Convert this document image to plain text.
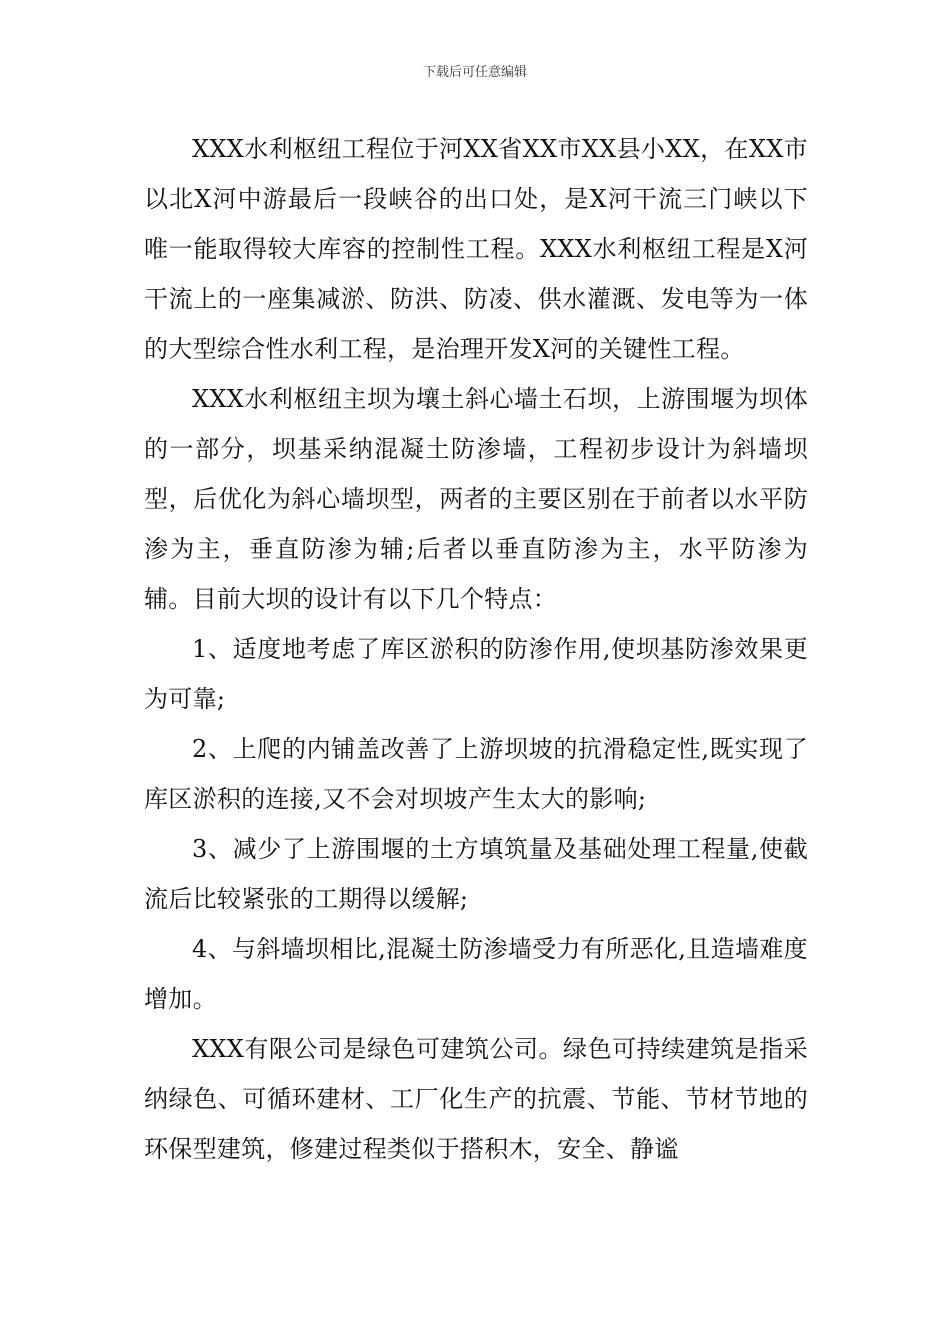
下载后可任意编辑

XXX水利枢纽工程位于河XX省XX市XX县小XX，在XX市以北X河中游最后一段峡谷的出口处，是X河干流三门峡以下唯一能取得较大库容的控制性工程。XXX水利枢纽工程是X河干流上的一座集减淤、防洪、防凌、供水灌溉、发电等为一体的大型综合性水利工程，是治理开发X河的关键性工程。

XXX水利枢纽主坝为壤土斜心墙土石坝，上游围堰为坝体的一部分，坝基采纳混凝土防渗墙，工程初步设计为斜墙坝型，后优化为斜心墙坝型，两者的主要区别在于前者以水平防渗为主，垂直防渗为辅;后者以垂直防渗为主，水平防渗为辅。目前大坝的设计有以下几个特点：

1、适度地考虑了库区淤积的防渗作用,使坝基防渗效果更为可靠;

2、上爬的内铺盖改善了上游坝坡的抗滑稳定性,既实现了库区淤积的连接,又不会对坝坡产生太大的影响;

3、减少了上游围堰的土方填筑量及基础处理工程量,使截流后比较紧张的工期得以缓解;

4、与斜墙坝相比,混凝土防渗墙受力有所恶化,且造墙难度增加。

XXX有限公司是绿色可建筑公司。绿色可持续建筑是指采纳绿色、可循环建材、工厂化生产的抗震、节能、节材节地的环保型建筑，修建过程类似于搭积木，安全、静谧
